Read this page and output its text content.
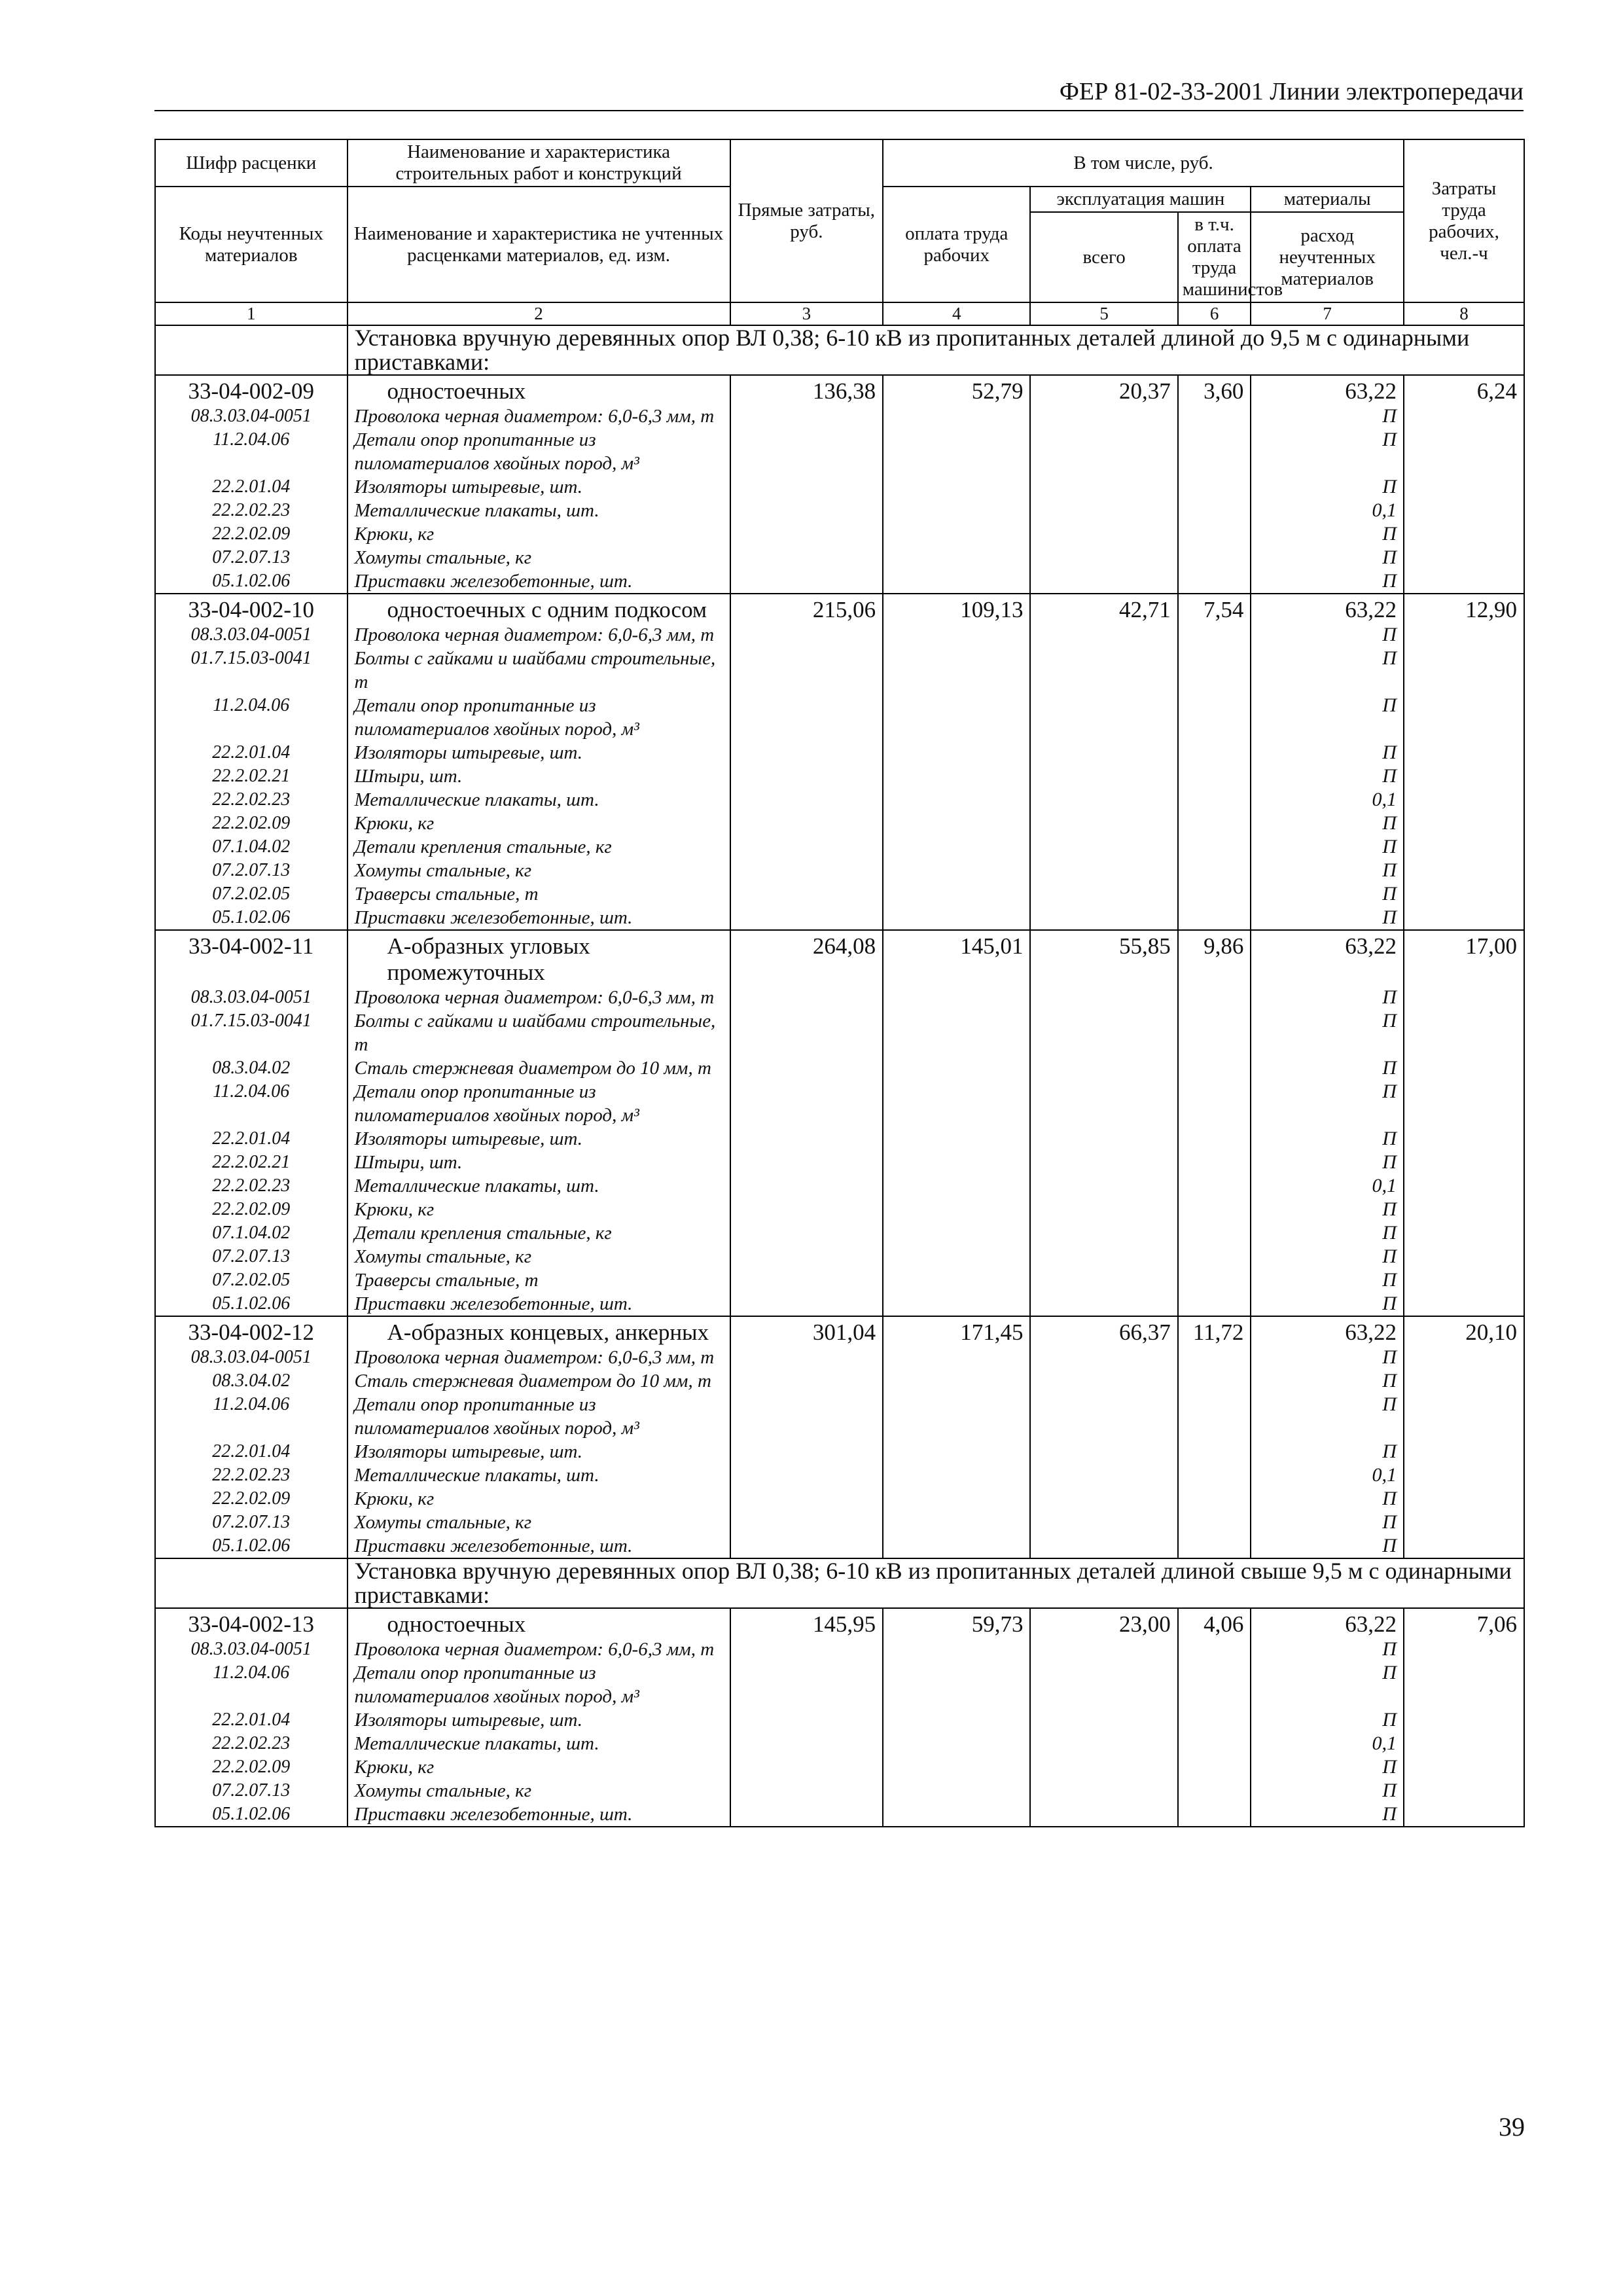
ФЕР 81-02-33-2001 Линии электропередачи
Шифр расценки	Наименование и характеристика строительных работ и конструкций	Прямые затраты, руб.	В том числе, руб.				Затраты труда рабочих, чел.-ч
Коды неучтенных материалов	Наименование и характеристика не учтенных расценками материалов, ед. изм.		оплата труда рабочих	эксплуатация машин		материалы	
				всего	в т.ч. оплата труда машинистов	расход неучтенных материалов	
1	2	3	4	5	6	7	8
	Установка вручную деревянных опор ВЛ 0,38; 6-10 кВ из пропитанных деталей длиной до 9,5 м с одинарными приставками:						
33-04-002-09	одностоечных	136,38	52,79	20,37	3,60	63,22	6,24
08.3.03.04-0051	Проволока черная диаметром: 6,0-6,3 мм, т					П	
11.2.04.06	Детали опор пропитанные из пиломатериалов хвойных пород, м³					П	
22.2.01.04	Изоляторы штыревые, шт.					П	
22.2.02.23	Металлические плакаты, шт.					0,1	
22.2.02.09	Крюки, кг					П	
07.2.07.13	Хомуты стальные, кг					П	
05.1.02.06	Приставки железобетонные, шт.					П	
33-04-002-10	одностоечных с одним подкосом	215,06	109,13	42,71	7,54	63,22	12,90
08.3.03.04-0051	Проволока черная диаметром: 6,0-6,3 мм, т					П	
01.7.15.03-0041	Болты с гайками и шайбами строительные, т					П	
11.2.04.06	Детали опор пропитанные из пиломатериалов хвойных пород, м³					П	
22.2.01.04	Изоляторы штыревые, шт.					П	
22.2.02.21	Штыри, шт.					П	
22.2.02.23	Металлические плакаты, шт.					0,1	
22.2.02.09	Крюки, кг					П	
07.1.04.02	Детали крепления стальные, кг					П	
07.2.07.13	Хомуты стальные, кг					П	
07.2.02.05	Траверсы стальные, т					П	
05.1.02.06	Приставки железобетонные, шт.					П	
33-04-002-11	А-образных угловых промежуточных	264,08	145,01	55,85	9,86	63,22	17,00
08.3.03.04-0051	Проволока черная диаметром: 6,0-6,3 мм, т					П	
01.7.15.03-0041	Болты с гайками и шайбами строительные, т					П	
08.3.04.02	Сталь стержневая диаметром до 10 мм, т					П	
11.2.04.06	Детали опор пропитанные из пиломатериалов хвойных пород, м³					П	
22.2.01.04	Изоляторы штыревые, шт.					П	
22.2.02.21	Штыри, шт.					П	
22.2.02.23	Металлические плакаты, шт.					0,1	
22.2.02.09	Крюки, кг					П	
07.1.04.02	Детали крепления стальные, кг					П	
07.2.07.13	Хомуты стальные, кг					П	
07.2.02.05	Траверсы стальные, т					П	
05.1.02.06	Приставки железобетонные, шт.					П	
33-04-002-12	А-образных концевых, анкерных	301,04	171,45	66,37	11,72	63,22	20,10
08.3.03.04-0051	Проволока черная диаметром: 6,0-6,3 мм, т					П	
08.3.04.02	Сталь стержневая диаметром до 10 мм, т					П	
11.2.04.06	Детали опор пропитанные из пиломатериалов хвойных пород, м³					П	
22.2.01.04	Изоляторы штыревые, шт.					П	
22.2.02.23	Металлические плакаты, шт.					0,1	
22.2.02.09	Крюки, кг					П	
07.2.07.13	Хомуты стальные, кг					П	
05.1.02.06	Приставки железобетонные, шт.					П	
	Установка вручную деревянных опор ВЛ 0,38; 6-10 кВ из пропитанных деталей длиной свыше 9,5 м с одинарными приставками:						
33-04-002-13	одностоечных	145,95	59,73	23,00	4,06	63,22	7,06
08.3.03.04-0051	Проволока черная диаметром: 6,0-6,3 мм, т					П	
11.2.04.06	Детали опор пропитанные из пиломатериалов хвойных пород, м³					П	
22.2.01.04	Изоляторы штыревые, шт.					П	
22.2.02.23	Металлические плакаты, шт.					0,1	
22.2.02.09	Крюки, кг					П	
07.2.07.13	Хомуты стальные, кг					П	
05.1.02.06	Приставки железобетонные, шт.					П	
39
